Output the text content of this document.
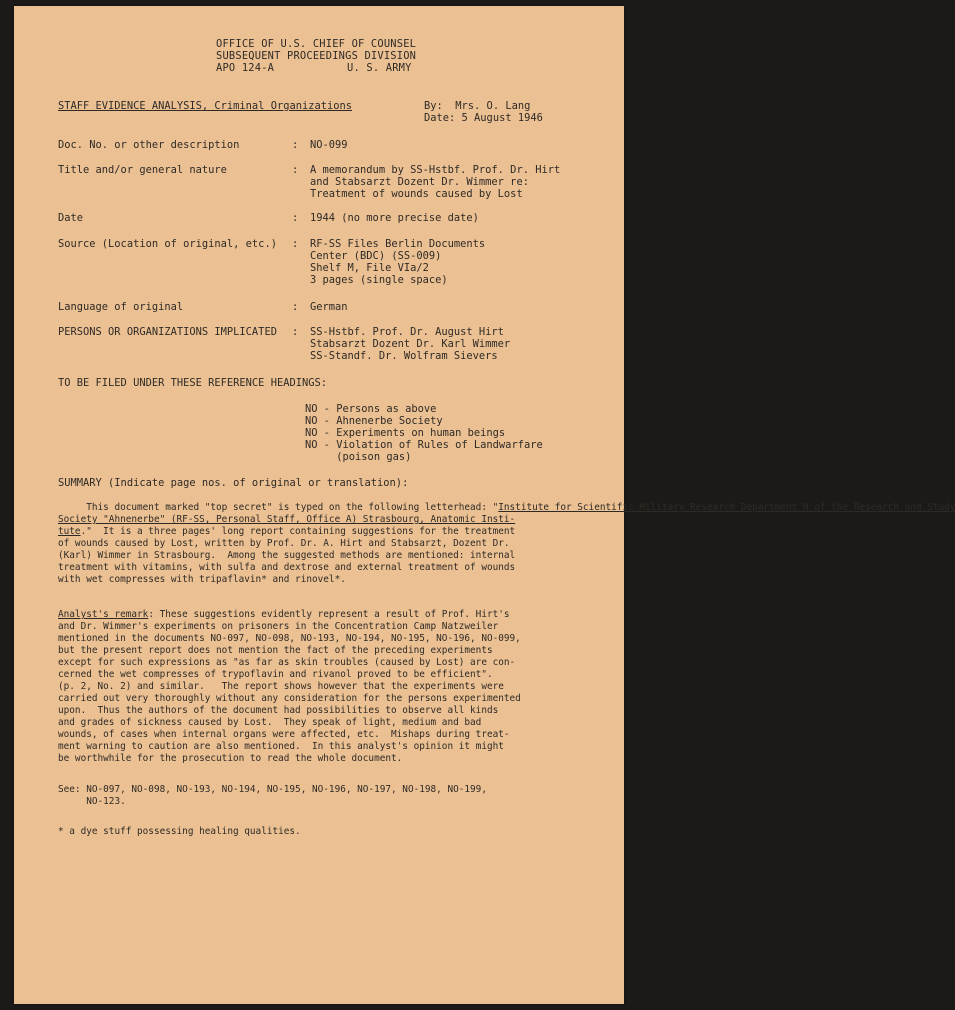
OFFICE OF U.S. CHIEF OF COUNSEL
SUBSEQUENT PROCEEDINGS DIVISION
APO 124-A	U. S. ARMY
STAFF EVIDENCE ANALYSIS, Criminal Organizations	By:  Mrs. O. Lang
Date: 5 August 1946
Doc. No. or other description	: NO-099
Title and/or general nature	: A memorandum by SS-Hstbf. Prof. Dr. Hirt
and Stabsarzt Dozent Dr. Wimmer re:
Treatment of wounds caused by Lost
Date	: 1944 (no more precise date)
Source (Location of original, etc.) : RF-SS Files Berlin Documents
Center (BDC) (SS-009)
Shelf M, File VIa/2
3 pages (single space)
Language of original	: German
PERSONS OR ORGANIZATIONS IMPLICATED : SS-Hstbf. Prof. Dr. August Hirt
Stabsarzt Dozent Dr. Karl Wimmer
SS-Standf. Dr. Wolfram Sievers
TO BE FILED UNDER THESE REFERENCE HEADINGS:
NO - Persons as above
NO - Ahnenerbe Society
NO - Experiments on human beings
NO - Violation of Rules of Landwarfare
(poison gas)
SUMMARY (Indicate page nos. of original or translation):
This document marked "top secret" is typed on the following letterhead: "Institute for Scientific Military Research Department H of the Research and Study
Society "Ahnenerbe" (RF-SS, Personal Staff, Office A) Strasbourg, Anatomic Insti-
tute."  It is a three pages' long report containing suggestions for the treatment
of wounds caused by Lost, written by Prof. Dr. A. Hirt and Stabsarzt, Dozent Dr.
(Karl) Wimmer in Strasbourg.  Among the suggested methods are mentioned: internal
treatment with vitamins, with sulfa and dextrose and external treatment of wounds
with wet compresses with tripaflavin* and rinovel*.
Analyst's remark: These suggestions evidently represent a result of Prof. Hirt's
and Dr. Wimmer's experiments on prisoners in the Concentration Camp Natzweiler
mentioned in the documents NO-097, NO-098, NO-193, NO-194, NO-195, NO-196, NO-099,
but the present report does not mention the fact of the preceding experiments
except for such expressions as "as far as skin troubles (caused by Lost) are con-
cerned the wet compresses of trypoflavin and rivanol proved to be efficient".
(p. 2, No. 2) and similar.   The report shows however that the experiments were
carried out very thoroughly without any consideration for the persons experimented
upon.  Thus the authors of the document had possibilities to observe all kinds
and grades of sickness caused by Lost.  They speak of light, medium and bad
wounds, of cases when internal organs were affected, etc.  Mishaps during treat-
ment warning to caution are also mentioned.  In this analyst's opinion it might
be worthwhile for the prosecution to read the whole document.
See: NO-097, NO-098, NO-193, NO-194, NO-195, NO-196, NO-197, NO-198, NO-199,
NO-123.
* a dye stuff possessing healing qualities.
